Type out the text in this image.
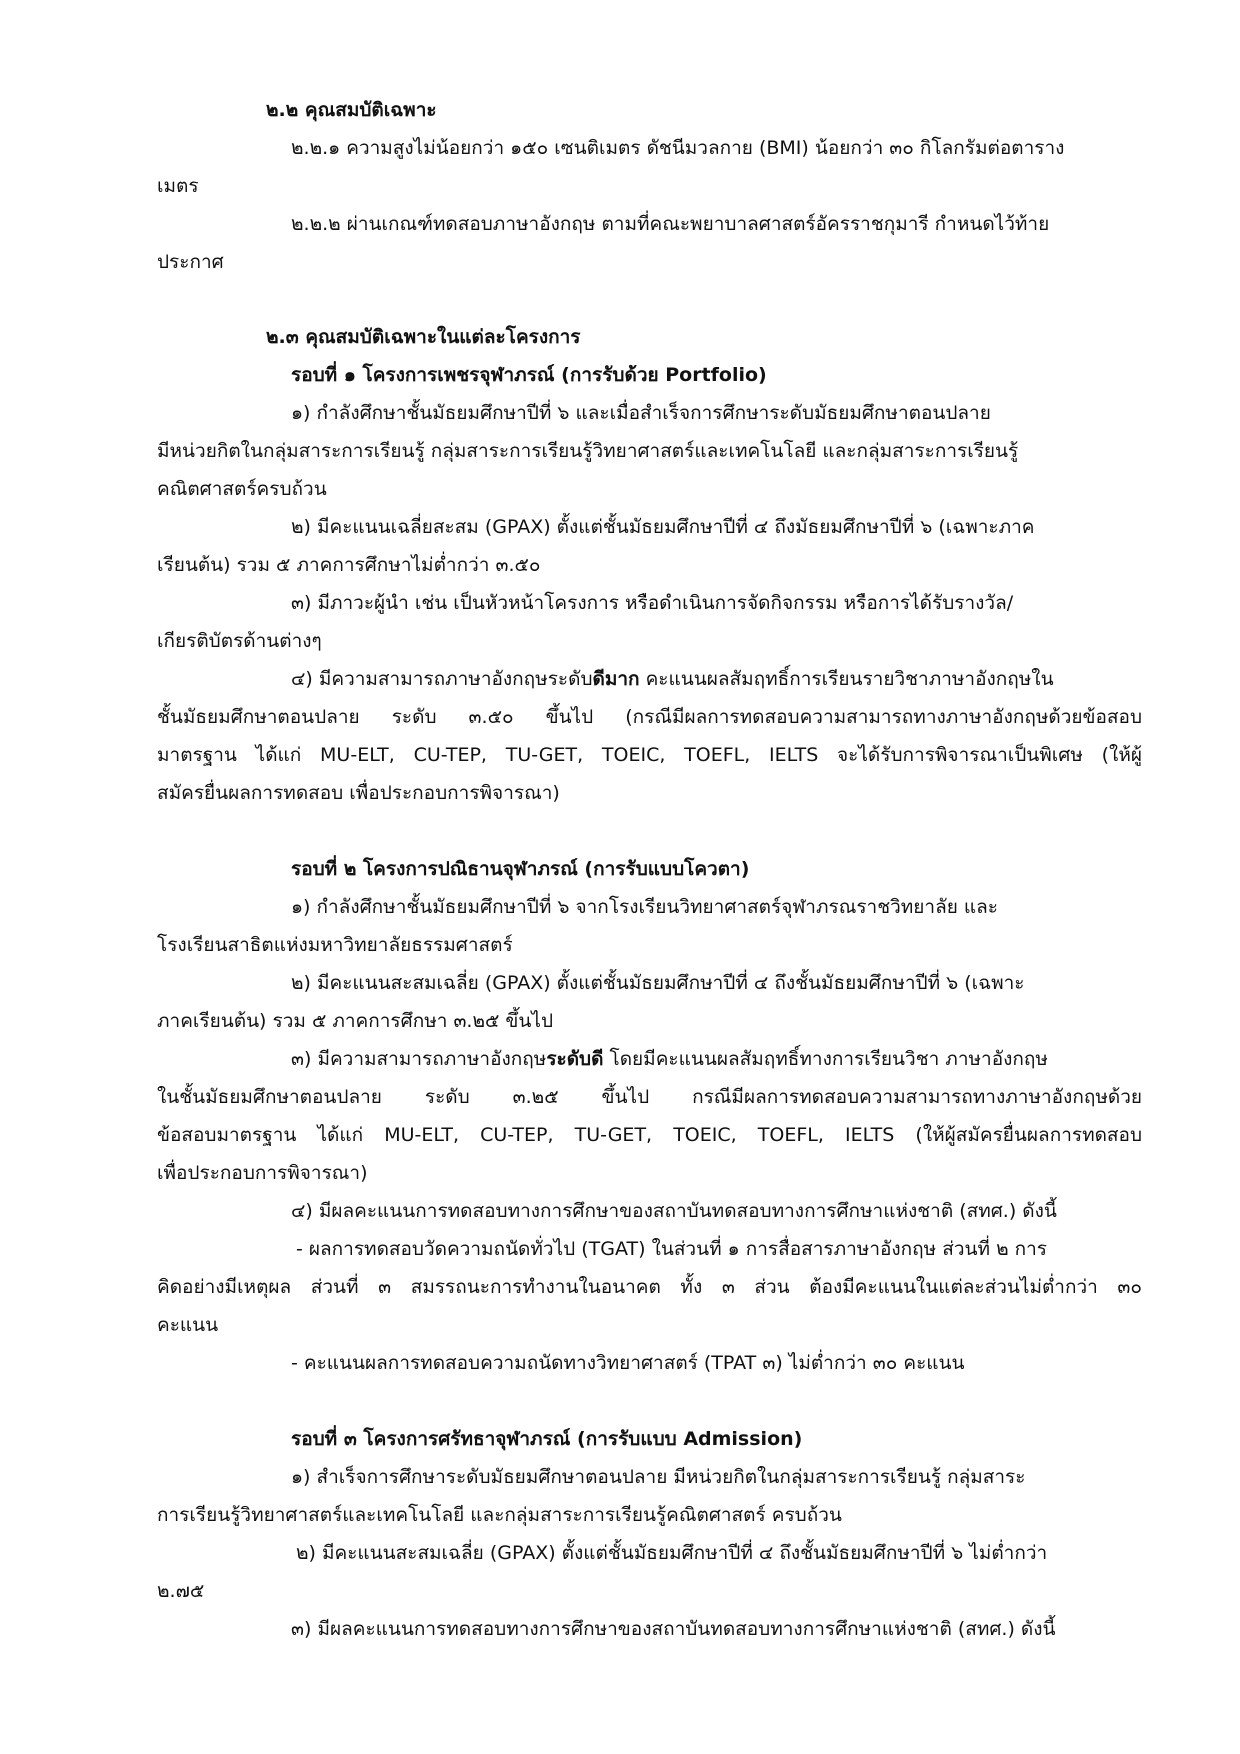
๒.๒ คุณสมบัติเฉพาะ
๒.๒.๑ ความสูงไม่น้อยกว่า ๑๕๐ เซนติเมตร ดัชนีมวลกาย (BMI) น้อยกว่า ๓๐ กิโลกรัมต่อตาราง
เมตร
๒.๒.๒ ผ่านเกณฑ์ทดสอบภาษาอังกฤษ ตามที่คณะพยาบาลศาสตร์อัครราชกุมารี กำหนดไว้ท้าย
ประกาศ
๒.๓ คุณสมบัติเฉพาะในแต่ละโครงการ
รอบที่ ๑ โครงการเพชรจุฬาภรณ์ (การรับด้วย Portfolio)
๑) กำลังศึกษาชั้นมัธยมศึกษาปีที่ ๖ และเมื่อสำเร็จการศึกษาระดับมัธยมศึกษาตอนปลาย
มีหน่วยกิตในกลุ่มสาระการเรียนรู้ กลุ่มสาระการเรียนรู้วิทยาศาสตร์และเทคโนโลยี และกลุ่มสาระการเรียนรู้
คณิตศาสตร์ครบถ้วน
๒) มีคะแนนเฉลี่ยสะสม (GPAX) ตั้งแต่ชั้นมัธยมศึกษาปีที่ ๔ ถึงมัธยมศึกษาปีที่ ๖ (เฉพาะภาค
เรียนต้น) รวม ๕ ภาคการศึกษาไม่ต่ำกว่า ๓.๕๐
๓) มีภาวะผู้นำ เช่น เป็นหัวหน้าโครงการ หรือดำเนินการจัดกิจกรรม หรือการได้รับรางวัล/
เกียรติบัตรด้านต่างๆ
๔) มีความสามารถภาษาอังกฤษระดับดีมาก คะแนนผลสัมฤทธิ์การเรียนรายวิชาภาษาอังกฤษใน
ชั้นมัธยมศึกษาตอนปลาย ระดับ ๓.๕๐ ขึ้นไป (กรณีมีผลการทดสอบความสามารถทางภาษาอังกฤษด้วยข้อสอบ
มาตรฐาน ได้แก่ MU-ELT, CU-TEP, TU-GET, TOEIC, TOEFL, IELTS จะได้รับการพิจารณาเป็นพิเศษ (ให้ผู้
สมัครยื่นผลการทดสอบ เพื่อประกอบการพิจารณา)
รอบที่ ๒ โครงการปณิธานจุฬาภรณ์ (การรับแบบโควตา)
๑) กำลังศึกษาชั้นมัธยมศึกษาปีที่ ๖ จากโรงเรียนวิทยาศาสตร์จุฬาภรณราชวิทยาลัย และ
โรงเรียนสาธิตแห่งมหาวิทยาลัยธรรมศาสตร์
๒) มีคะแนนสะสมเฉลี่ย (GPAX) ตั้งแต่ชั้นมัธยมศึกษาปีที่ ๔ ถึงชั้นมัธยมศึกษาปีที่ ๖ (เฉพาะ
ภาคเรียนต้น) รวม ๕ ภาคการศึกษา ๓.๒๕ ขึ้นไป
๓) มีความสามารถภาษาอังกฤษระดับดี โดยมีคะแนนผลสัมฤทธิ์ทางการเรียนวิชา ภาษาอังกฤษ
ในชั้นมัธยมศึกษาตอนปลาย ระดับ ๓.๒๕ ขึ้นไป กรณีมีผลการทดสอบความสามารถทางภาษาอังกฤษด้วย
ข้อสอบมาตรฐาน ได้แก่ MU-ELT, CU-TEP, TU-GET, TOEIC, TOEFL, IELTS (ให้ผู้สมัครยื่นผลการทดสอบ
เพื่อประกอบการพิจารณา)
๔) มีผลคะแนนการทดสอบทางการศึกษาของสถาบันทดสอบทางการศึกษาแห่งชาติ (สทศ.) ดังนี้
- ผลการทดสอบวัดความถนัดทั่วไป (TGAT) ในส่วนที่ ๑ การสื่อสารภาษาอังกฤษ ส่วนที่ ๒ การ
คิดอย่างมีเหตุผล ส่วนที่ ๓ สมรรถนะการทำงานในอนาคต ทั้ง ๓ ส่วน ต้องมีคะแนนในแต่ละส่วนไม่ต่ำกว่า ๓๐
คะแนน
- คะแนนผลการทดสอบความถนัดทางวิทยาศาสตร์ (TPAT ๓) ไม่ต่ำกว่า ๓๐ คะแนน
รอบที่ ๓ โครงการศรัทธาจุฬาภรณ์ (การรับแบบ Admission)
๑) สำเร็จการศึกษาระดับมัธยมศึกษาตอนปลาย มีหน่วยกิตในกลุ่มสาระการเรียนรู้ กลุ่มสาระ
การเรียนรู้วิทยาศาสตร์และเทคโนโลยี และกลุ่มสาระการเรียนรู้คณิตศาสตร์ ครบถ้วน
๒) มีคะแนนสะสมเฉลี่ย (GPAX) ตั้งแต่ชั้นมัธยมศึกษาปีที่ ๔ ถึงชั้นมัธยมศึกษาปีที่ ๖ ไม่ต่ำกว่า
๒.๗๕
๓) มีผลคะแนนการทดสอบทางการศึกษาของสถาบันทดสอบทางการศึกษาแห่งชาติ (สทศ.) ดังนี้
